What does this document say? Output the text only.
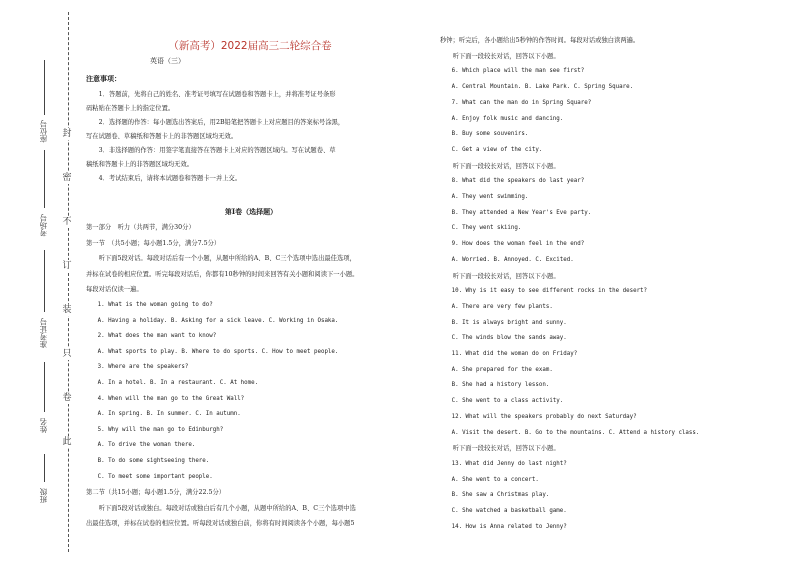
封
密
不
订
装
只
卷
此
座位号
考场号
准考证号
姓名
班级
（新高考）2022届高三二轮综合卷
英语（三）
注意事项：

1．答题前，先将自己的姓名、准考证号填写在试题卷和答题卡上，并将准考证号条形

码粘贴在答题卡上的指定位置。

2．选择题的作答：每小题选出答案后，用2B铅笔把答题卡上对应题目的答案标号涂黑，

写在试题卷、草稿纸和答题卡上的非答题区域均无效。

3．非选择题的作答：用签字笔直接答在答题卡上对应的答题区域内。写在试题卷、草

稿纸和答题卡上的非答题区域均无效。

4．考试结束后，请将本试题卷和答题卡一并上交。

第Ⅰ卷（选择题）

第一部分　听力（共两节，满分30分）

第一节　（共5小题；每小题1.5分，满分7.5分）

听下面5段对话。每段对话后有一个小题，从题中所给的A、B、C三个选项中选出最佳选项，

并标在试卷的相应位置。听完每段对话后，你都有10秒钟的时间来回答有关小题和阅读下一小题。

每段对话仅读一遍。

1. What is the woman going to do?

A. Having a holiday. B. Asking for a sick leave. C. Working in Osaka.

2. What does the man want to know?

A. What sports to play. B. Where to do sports. C. How to meet people.

3. Where are the speakers?

A. In a hotel. B. In a restaurant. C. At home.

4. When will the man go to the Great Wall?

A. In spring. B. In summer. C. In autumn.

5. Why will the man go to Edinburgh?

A. To drive the woman there.

B. To do some sightseeing there.

C. To meet some important people.

第二节（共15小题；每小题1.5分，满分22.5分）

听下面5段对话或独白。每段对话或独白后有几个小题，从题中所给的A、B、C三个选项中选

出最佳选项，并标在试卷的相应位置。听每段对话或独白前，你将有时间阅读各个小题，每小题5

秒钟；听完后，各小题给出5秒钟的作答时间。每段对话或独白读两遍。

听下面一段较长对话，回答以下小题。

6. Which place will the man see first?

A. Central Mountain. B. Lake Park. C. Spring Square.

7. What can the man do in Spring Square?

A. Enjoy folk music and dancing.

B. Buy some souvenirs.

C. Get a view of the city.

听下面一段较长对话，回答以下小题。

8. What did the speakers do last year?

A. They went swimming.

B. They attended a New Year's Eve party.

C. They went skiing.

9. How does the woman feel in the end?

A. Worried. B. Annoyed. C. Excited.

听下面一段较长对话，回答以下小题。

10. Why is it easy to see different rocks in the desert?

A. There are very few plants.

B. It is always bright and sunny.

C. The winds blow the sands away.

11. What did the woman do on Friday?

A. She prepared for the exam.

B. She had a history lesson.

C. She went to a class activity.

12. What will the speakers probably do next Saturday?

A. Visit the desert. B. Go to the mountains. C. Attend a history class.

听下面一段较长对话，回答以下小题。

13. What did Jenny do last night?

A. She went to a concert.

B. She saw a Christmas play.

C. She watched a basketball game.

14. How is Anna related to Jenny?
